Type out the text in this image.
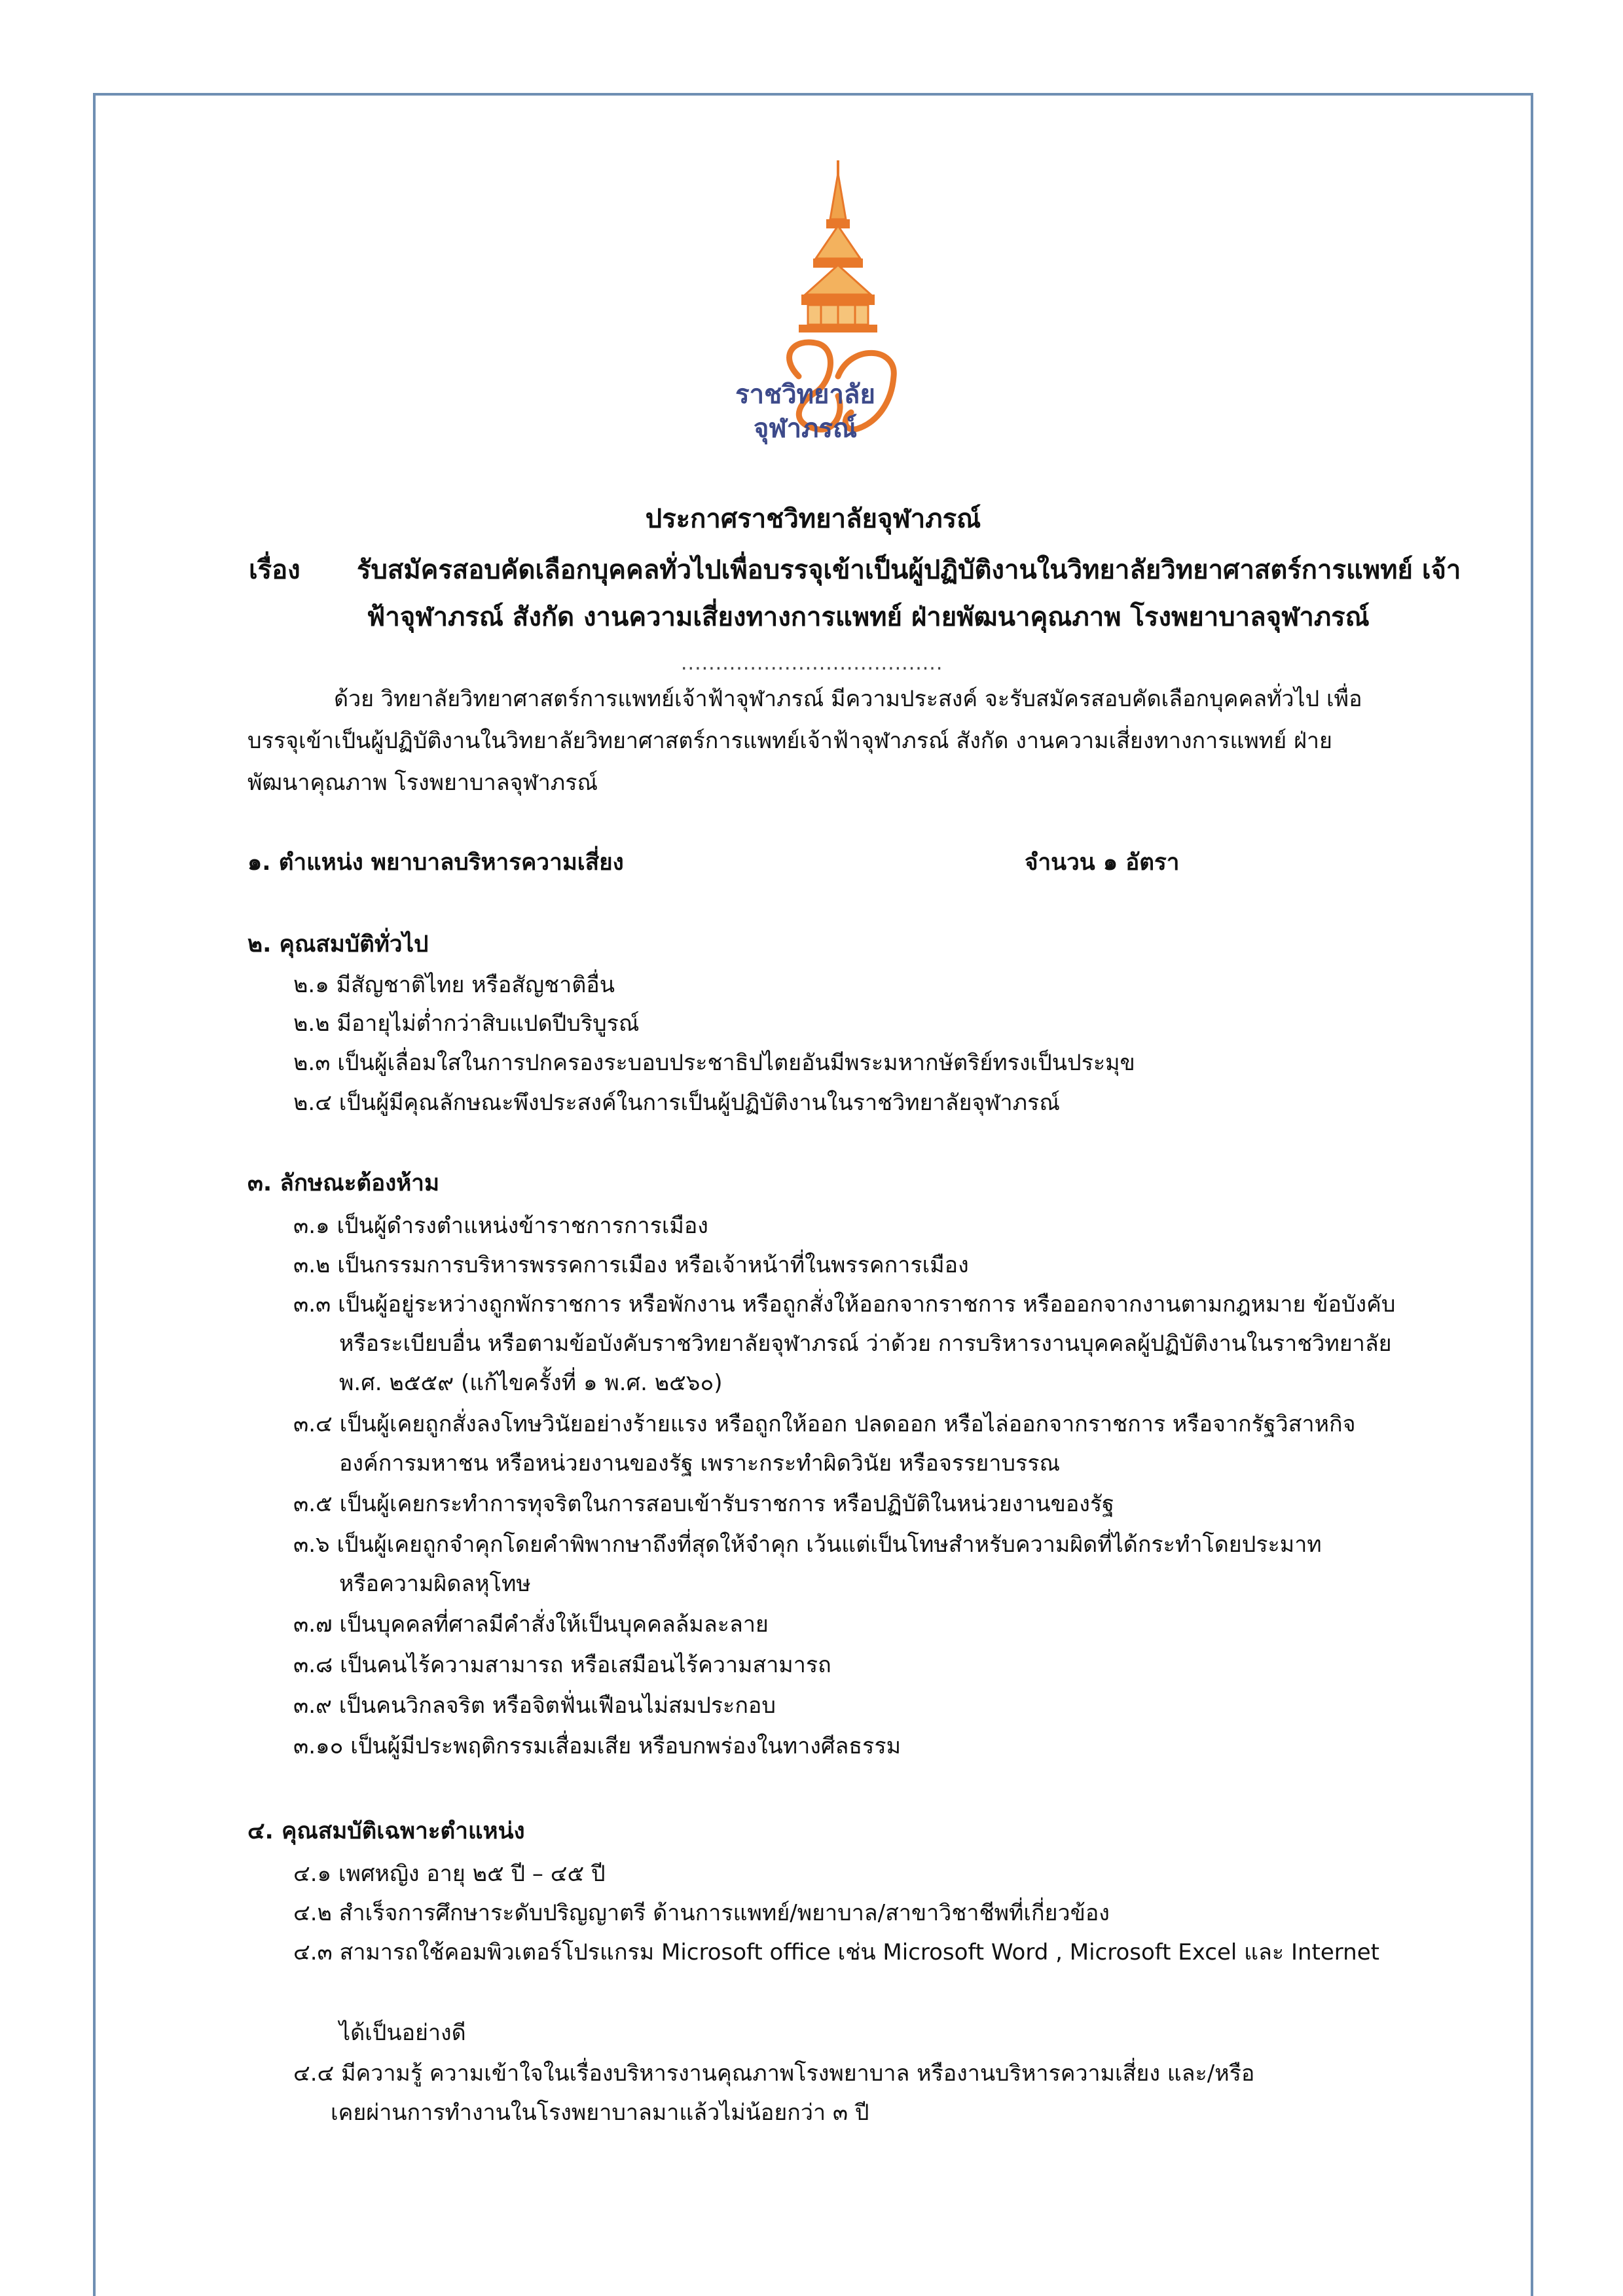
ราชวิทยาลัย
จุฬาภรณ์
ประกาศราชวิทยาลัยจุฬาภรณ์
เรื่อง รับสมัครสอบคัดเลือกบุคคลทั่วไปเพื่อบรรจุเข้าเป็นผู้ปฏิบัติงานในวิทยาลัยวิทยาศาสตร์การแพทย์ เจ้า
ฟ้าจุฬาภรณ์ สังกัด งานความเสี่ยงทางการแพทย์ ฝ่ายพัฒนาคุณภาพ โรงพยาบาลจุฬาภรณ์
......................................
ด้วย วิทยาลัยวิทยาศาสตร์การแพทย์เจ้าฟ้าจุฬาภรณ์ มีความประสงค์ จะรับสมัครสอบคัดเลือกบุคคลทั่วไป เพื่อ
บรรจุเข้าเป็นผู้ปฏิบัติงานในวิทยาลัยวิทยาศาสตร์การแพทย์เจ้าฟ้าจุฬาภรณ์ สังกัด งานความเสี่ยงทางการแพทย์ ฝ่าย
พัฒนาคุณภาพ โรงพยาบาลจุฬาภรณ์
๑. ตำแหน่ง พยาบาลบริหารความเสี่ยง	จำนวน ๑ อัตรา
๒. คุณสมบัติทั่วไป
๒.๑ มีสัญชาติไทย หรือสัญชาติอื่น
๒.๒ มีอายุไม่ต่ำกว่าสิบแปดปีบริบูรณ์
๒.๓ เป็นผู้เลื่อมใสในการปกครองระบอบประชาธิปไตยอันมีพระมหากษัตริย์ทรงเป็นประมุข
๒.๔ เป็นผู้มีคุณลักษณะพึงประสงค์ในการเป็นผู้ปฏิบัติงานในราชวิทยาลัยจุฬาภรณ์
๓. ลักษณะต้องห้าม
๓.๑ เป็นผู้ดำรงตำแหน่งข้าราชการการเมือง
๓.๒ เป็นกรรมการบริหารพรรคการเมือง หรือเจ้าหน้าที่ในพรรคการเมือง
๓.๓ เป็นผู้อยู่ระหว่างถูกพักราชการ หรือพักงาน หรือถูกสั่งให้ออกจากราชการ หรือออกจากงานตามกฎหมาย ข้อบังคับ
หรือระเบียบอื่น หรือตามข้อบังคับราชวิทยาลัยจุฬาภรณ์ ว่าด้วย การบริหารงานบุคคลผู้ปฏิบัติงานในราชวิทยาลัย
พ.ศ. ๒๕๕๙ (แก้ไขครั้งที่ ๑ พ.ศ. ๒๕๖๐)
๓.๔ เป็นผู้เคยถูกสั่งลงโทษวินัยอย่างร้ายแรง หรือถูกให้ออก ปลดออก หรือไล่ออกจากราชการ หรือจากรัฐวิสาหกิจ
องค์การมหาชน หรือหน่วยงานของรัฐ เพราะกระทำผิดวินัย หรือจรรยาบรรณ
๓.๕ เป็นผู้เคยกระทำการทุจริตในการสอบเข้ารับราชการ หรือปฏิบัติในหน่วยงานของรัฐ
๓.๖ เป็นผู้เคยถูกจำคุกโดยคำพิพากษาถึงที่สุดให้จำคุก เว้นแต่เป็นโทษสำหรับความผิดที่ได้กระทำโดยประมาท
หรือความผิดลหุโทษ
๓.๗ เป็นบุคคลที่ศาลมีคำสั่งให้เป็นบุคคลล้มละลาย
๓.๘ เป็นคนไร้ความสามารถ หรือเสมือนไร้ความสามารถ
๓.๙ เป็นคนวิกลจริต หรือจิตฟั่นเฟือนไม่สมประกอบ
๓.๑๐ เป็นผู้มีประพฤติกรรมเสื่อมเสีย หรือบกพร่องในทางศีลธรรม
๔. คุณสมบัติเฉพาะตำแหน่ง
๔.๑ เพศหญิง อายุ ๒๕ ปี – ๔๕ ปี
๔.๒ สำเร็จการศึกษาระดับปริญญาตรี ด้านการแพทย์/พยาบาล/สาขาวิชาชีพที่เกี่ยวข้อง
๔.๓ สามารถใช้คอมพิวเตอร์โปรแกรม Microsoft office เช่น Microsoft Word , Microsoft Excel และ Internet
ได้เป็นอย่างดี
๔.๔ มีความรู้ ความเข้าใจในเรื่องบริหารงานคุณภาพโรงพยาบาล หรืองานบริหารความเสี่ยง และ/หรือ
เคยผ่านการทำงานในโรงพยาบาลมาแล้วไม่น้อยกว่า ๓ ปี
